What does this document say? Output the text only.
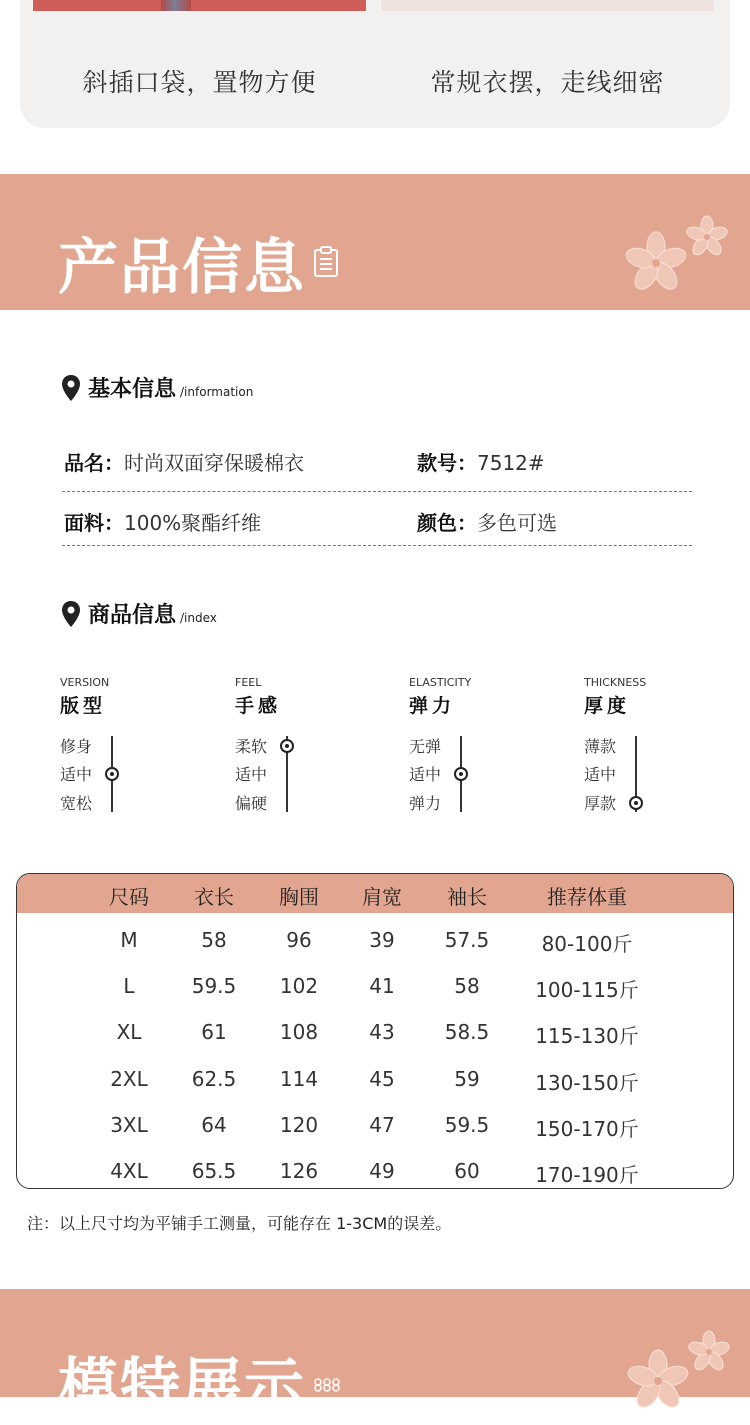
斜插口袋，置物方便	常规衣摆，走线细密
产品信息
基本信息 /information
品名：时尚双面穿保暖棉衣	款号：7512#
面料：100%聚酯纤维	颜色：多色可选
商品信息 /index
VERSION
版型
修身
适中
宽松
FEEL
手感
柔软
适中
偏硬
ELASTICITY
弹力
无弹
适中
弹力
THICKNESS
厚度
薄款
适中
厚款
尺码 衣长 胸围 肩宽 袖长	推荐体重
M	58	96	39	57.5	80-100斤
L	59.5 102	41	58	100-115斤
XL	61	108	43	58.5 115-130斤
2XL 62.5 114	45	59	130-150斤
3XL	64	120	47	59.5 150-170斤
4XL 65.5 126	49	60	170-190斤
注：以上尺寸均为平铺手工测量，可能存在 1-3CM的误差。
模特展示
